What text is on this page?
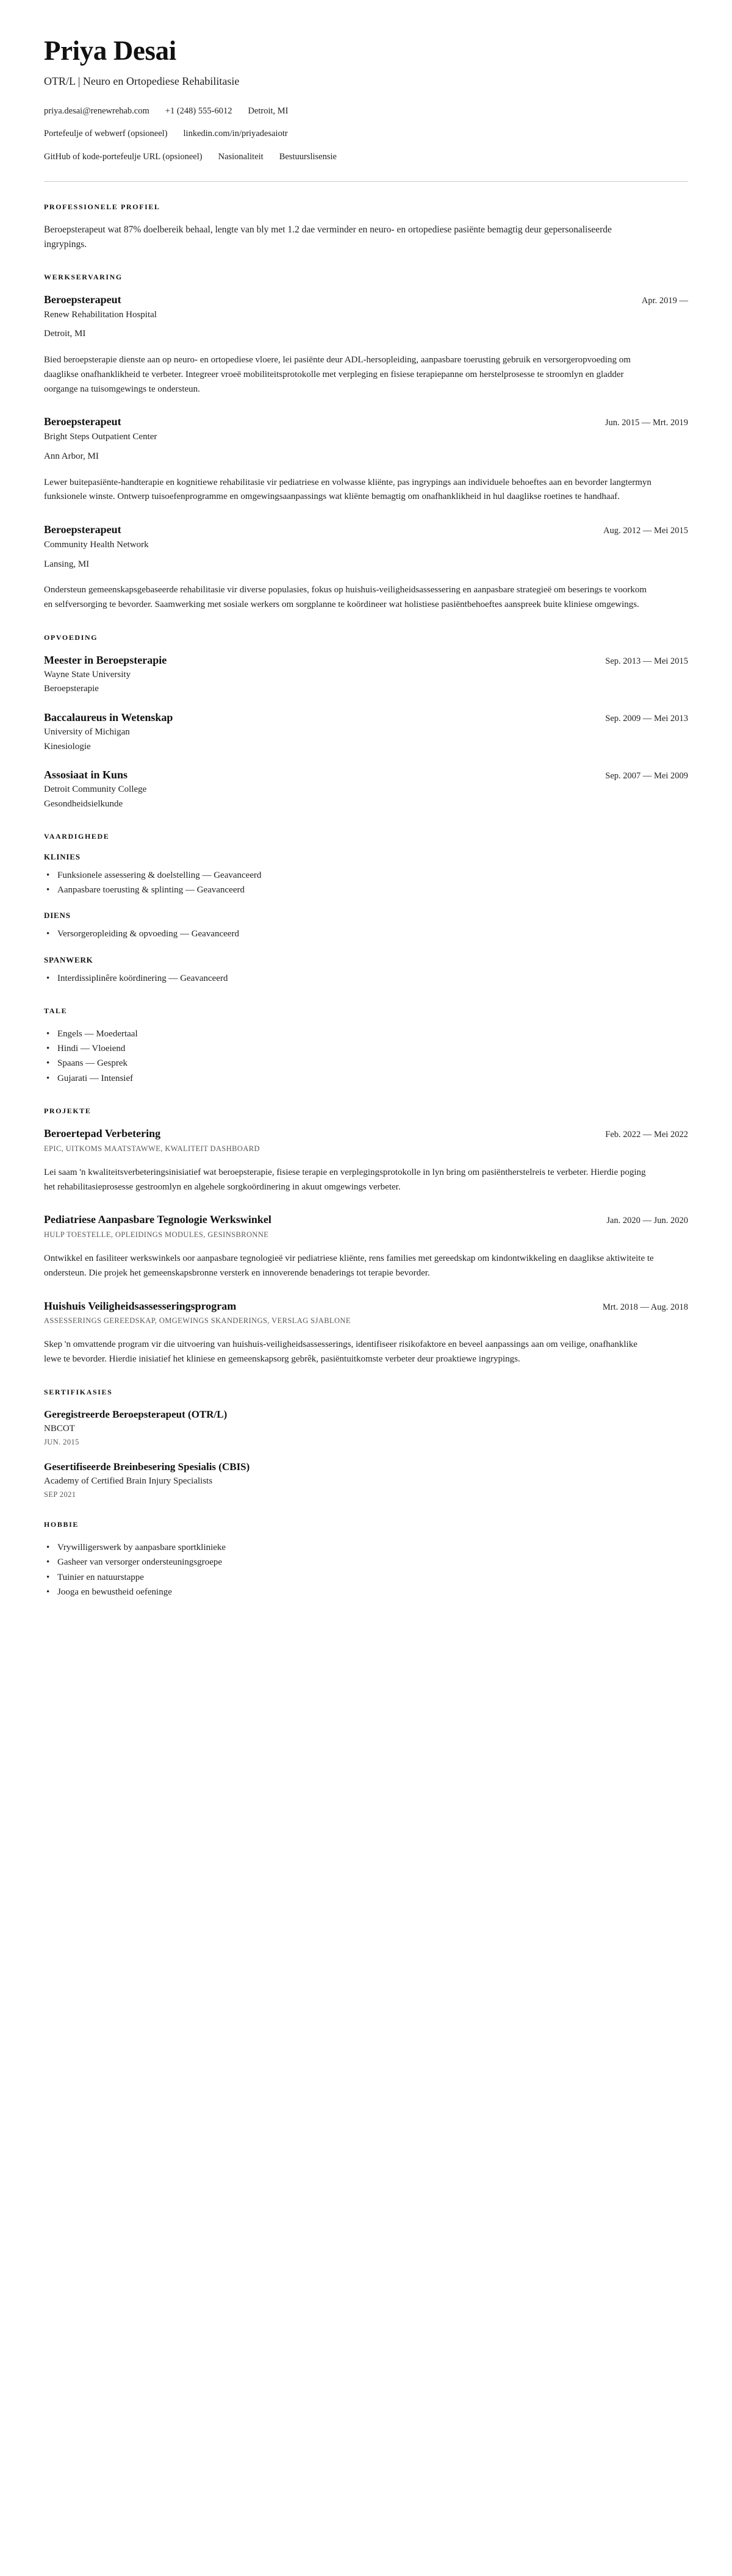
Priya Desai
OTR/L | Neuro en Ortopediese Rehabilitasie
priya.desai@renewrehab.com +1 (248) 555-6012 Detroit, MI
Portefeulje of webwerf (opsioneel) linkedin.com/in/priyadesaiotr
GitHub of kode-portefeulje URL (opsioneel) Nasionaliteit Bestuurslisensie
PROFESSIONELE PROFIEL

Beroepsterapeut wat 87% doelbereik behaal, lengte van bly met 1.2 dae verminder en neuro- en ortopediese pasiënte bemagtig deur gepersonaliseerde ingrypings.

WERKSERVARING
Beroepsterapeut	Apr. 2019 —
Renew Rehabilitation Hospital
Detroit, MI

Bied beroepsterapie dienste aan op neuro- en ortopediese vloere, lei pasiënte deur ADL-hersopleiding, aanpasbare toerusting gebruik en versorgeropvoeding om daaglikse onafhanklikheid te verbeter. Integreer vroeë mobiliteitsprotokolle met verpleging en fisiese terapiepanne om herstelprosesse te stroomlyn en gladder oorgange na tuisomgewings te ondersteun.

Beroepsterapeut	Jun. 2015 — Mrt. 2019
Bright Steps Outpatient Center
Ann Arbor, MI

Lewer buitepasiënte-handterapie en kognitiewe rehabilitasie vir pediatriese en volwasse kliënte, pas ingrypings aan individuele behoeftes aan en bevorder langtermyn funksionele winste. Ontwerp tuisoefenprogramme en omgewingsaanpassings wat kliënte bemagtig om onafhanklikheid in hul daaglikse roetines te handhaaf.

Beroepsterapeut	Aug. 2012 — Mei 2015
Community Health Network
Lansing, MI

Ondersteun gemeenskapsgebaseerde rehabilitasie vir diverse populasies, fokus op huishuis-veiligheidsassessering en aanpasbare strategieë om beserings te voorkom en selfversorging te bevorder. Saamwerking met sosiale werkers om sorgplanne te koördineer wat holistiese pasiëntbehoeftes aanspreek buite kliniese omgewings.

OPVOEDING
Meester in Beroepsterapie	Sep. 2013 — Mei 2015
Wayne State University
Beroepsterapie
Baccalaureus in Wetenskap	Sep. 2009 — Mei 2013
University of Michigan
Kinesiologie
Assosiaat in Kuns	Sep. 2007 — Mei 2009
Detroit Community College
Gesondheidsielkunde
VAARDIGHEDE
KLINIES
• Funksionele assessering & doelstelling — Geavanceerd
• Aanpasbare toerusting & splinting — Geavanceerd
DIENS
• Versorgeropleiding & opvoeding — Geavanceerd
SPANWERK
• Interdissiplinêre koördinering — Geavanceerd
TALE
• Engels — Moedertaal
• Hindi — Vloeiend
• Spaans — Gesprek
• Gujarati — Intensief
PROJEKTE
Beroertepad Verbetering	Feb. 2022 — Mei 2022
EPIC, UITKOMS MAATSTAWWE, KWALITEIT DASHBOARD

Lei saam 'n kwaliteitsverbeteringsinisiatief wat beroepsterapie, fisiese terapie en verplegingsprotokolle in lyn bring om pasiëntherstelreis te verbeter. Hierdie poging het rehabilitasieprosesse gestroomlyn en algehele sorgkoördinering in akuut omgewings verbeter.

Pediatriese Aanpasbare Tegnologie Werkswinkel	Jan. 2020 — Jun. 2020
HULP TOESTELLE, OPLEIDINGS MODULES, GESINSBRONNE

Ontwikkel en fasiliteer werkswinkels oor aanpasbare tegnologieë vir pediatriese kliënte, rens families met gereedskap om kindontwikkeling en daaglikse aktiwiteite te ondersteun. Die projek het gemeenskapsbronne versterk en innoverende benaderings tot terapie bevorder.

Huishuis Veiligheidsassesseringsprogram	Mrt. 2018 — Aug. 2018
ASSESSERINGS GEREEDSKAP, OMGEWINGS SKANDERINGS, VERSLAG SJABLONE

Skep 'n omvattende program vir die uitvoering van huishuis-veiligheidsassesserings, identifiseer risikofaktore en beveel aanpassings aan om veilige, onafhanklike lewe te bevorder. Hierdie inisiatief het kliniese en gemeenskapsorg gebrêk, pasiëntuitkomste verbeter deur proaktiewe ingrypings.

SERTIFIKASIES
Geregistreerde Beroepsterapeut (OTR/L)
NBCOT
JUN. 2015
Gesertifiseerde Breinbesering Spesialis (CBIS)
Academy of Certified Brain Injury Specialists
SEP 2021
HOBBIE
• Vrywilligerswerk by aanpasbare sportklinieke
• Gasheer van versorger ondersteuningsgroepe
• Tuinier en natuurstappe
• Jooga en bewustheid oefeninge
